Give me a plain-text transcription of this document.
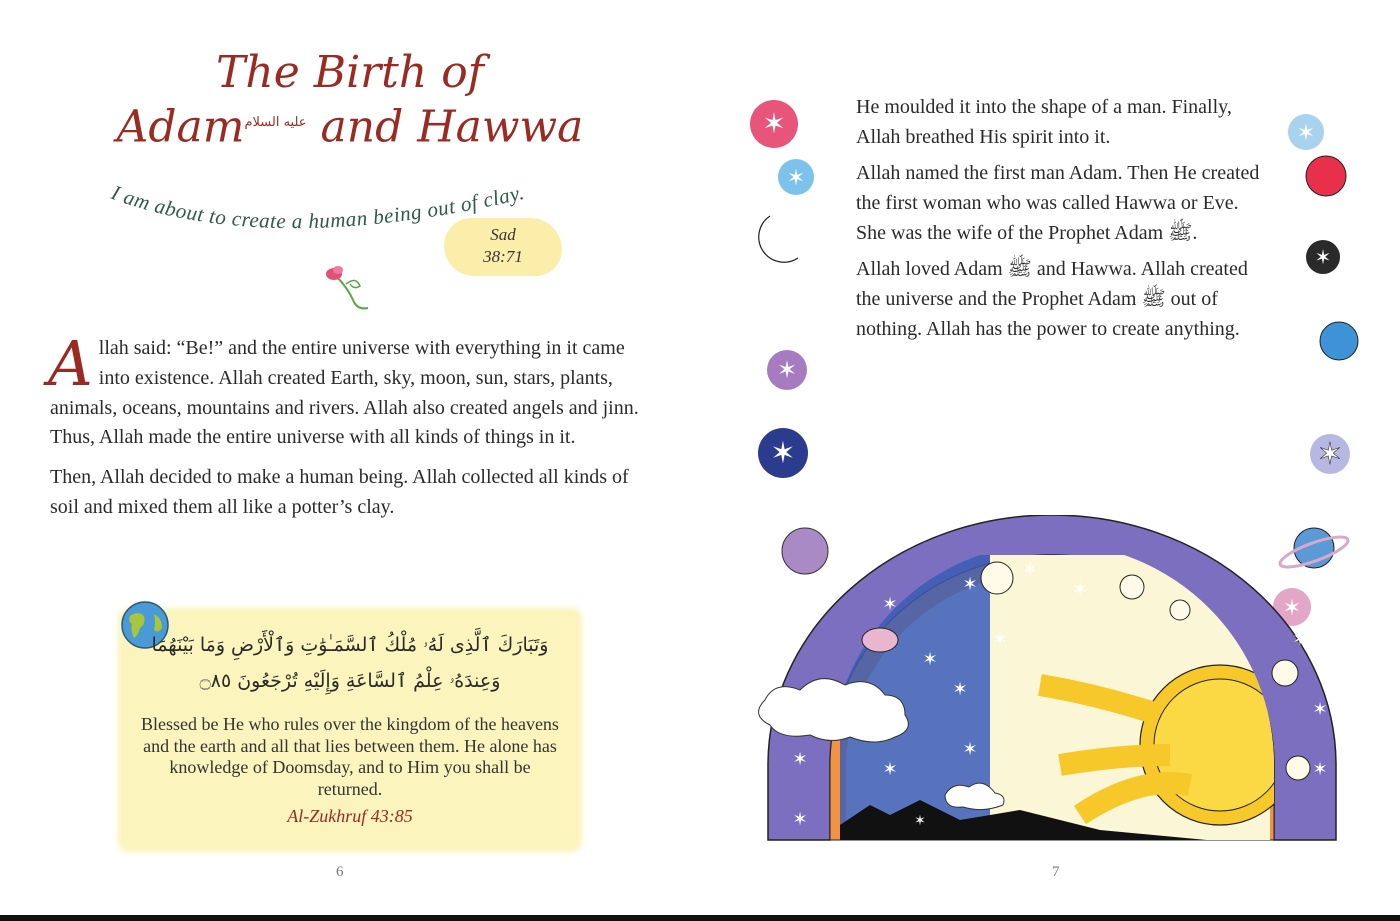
The Birth of
Adam$^{عليه السلام}$ and Hawwa
I am about to create a human being out of clay.
Sad
38:71

Allah said: “Be!” and the entire universe with everything in it came into existence. Allah created Earth, sky, moon, sun, stars, plants, animals, oceans, mountains and rivers. Allah also created angels and jinn. Thus, Allah made the entire universe with all kinds of things in it.

Then, Allah decided to make a human being. Allah collected all kinds of soil and mixed them all like a potter’s clay.

وَتَبَارَكَ ٱلَّذِى لَهُۥ مُلْكُ ٱلسَّمَـٰوَٰتِ وَٱلْأَرْضِ وَمَا بَيْنَهُمَا
وَعِندَهُۥ عِلْمُ ٱلسَّاعَةِ وَإِلَيْهِ تُرْجَعُونَ ۝٨٥
Blessed be He who rules over the kingdom of the heavens and the earth and all that lies between them. He alone has knowledge of Doomsday, and to Him you shall be returned.
Al-Zukhruf 43:85
6	7

He moulded it into the shape of a man. Finally, Allah breathed His spirit into it.

Allah named the first man Adam. Then He created the first woman who was called Hawwa or Eve. She was the wife of the Prophet Adam ﷺ.

Allah loved Adam ﷺ and Hawwa. Allah created the universe and the Prophet Adam ﷺ out of nothing. Allah has the power to create anything.

✶
✶
✶
✶
✶
✶
✶
✶
✶
✶
✶
✶
✶
✶
✶
✶
✶
✶
✶
✶
✶
✶
✶
